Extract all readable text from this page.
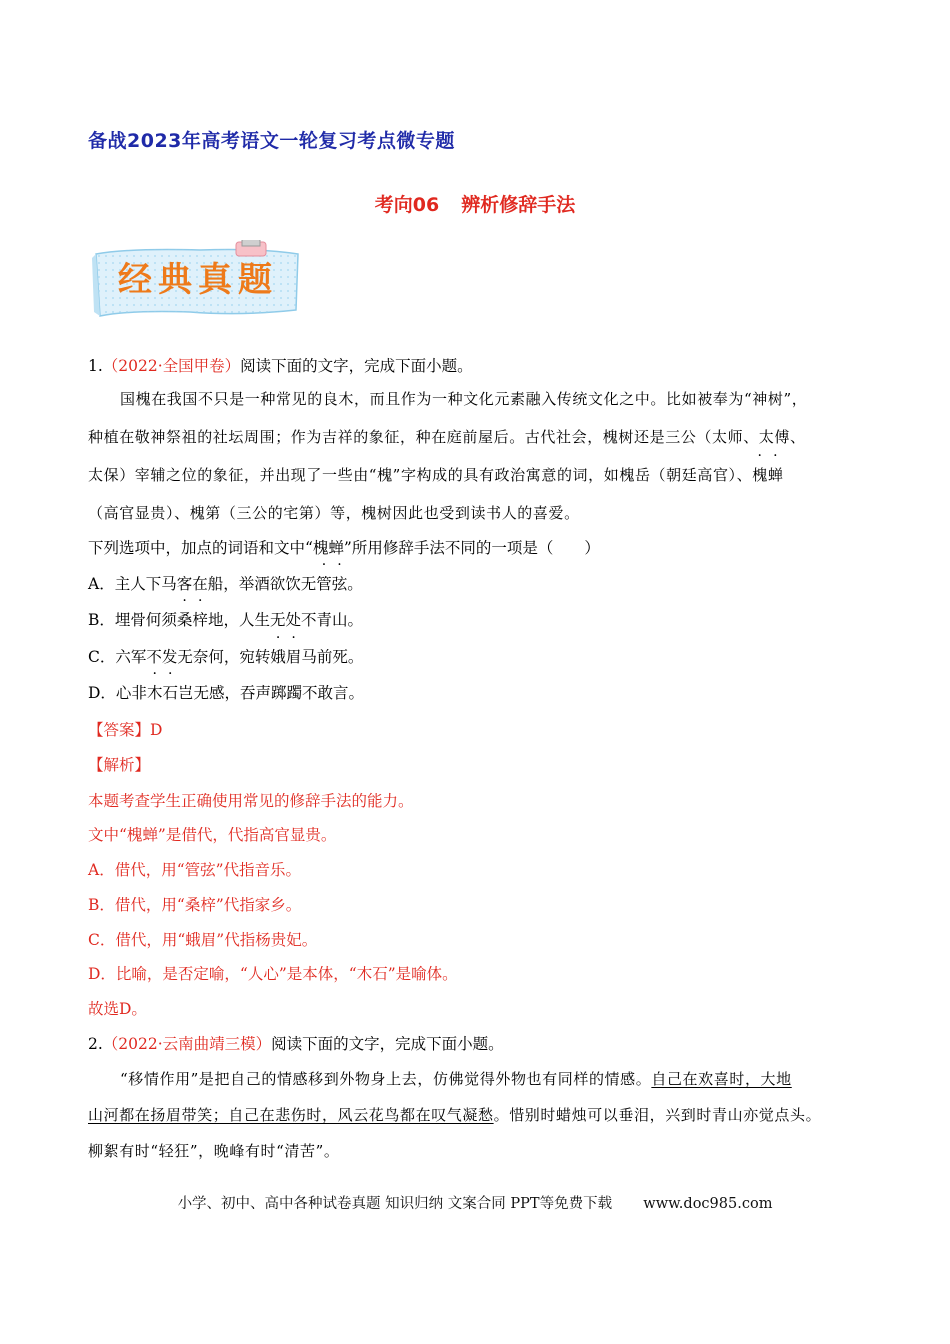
备战2023年高考语文一轮复习考点微专题
考向06 辨析修辞手法
经典真题
1.（2022·全国甲卷）阅读下面的文字，完成下面小题。
国槐在我国不只是一种常见的良木，而且作为一种文化元素融入传统文化之中。比如被奉为“神树”，
种植在敬神祭祖的社坛周围；作为吉祥的象征，种在庭前屋后。古代社会，槐树还是三公（太师、太傅、
太保）宰辅之位的象征，并出现了一些由“槐”字构成的具有政治寓意的词，如槐岳（朝廷高官）、槐蝉
（高官显贵）、槐第（三公的宅第）等，槐树因此也受到读书人的喜爱。
下列选项中，加点的词语和文中“槐蝉”所用修辞手法不同的一项是（　　）
A．主人下马客在船，举酒欲饮无管弦。
B．埋骨何须桑梓地，人生无处不青山。
C．六军不发无奈何，宛转娥眉马前死。
D．心非木石岂无感，吞声踯躅不敢言。
【答案】D
【解析】
本题考查学生正确使用常见的修辞手法的能力。
文中“槐蝉”是借代，代指高官显贵。
A．借代，用“管弦”代指音乐。
B．借代，用“桑梓”代指家乡。
C．借代，用“蛾眉”代指杨贵妃。
D．比喻，是否定喻，“人心”是本体，“木石”是喻体。
故选D。
2.（2022·云南曲靖三模）阅读下面的文字，完成下面小题。
“移情作用”是把自己的情感移到外物身上去，仿佛觉得外物也有同样的情感。自己在欢喜时，大地
山河都在扬眉带笑；自己在悲伤时，风云花鸟都在叹气凝愁。惜别时蜡烛可以垂泪，兴到时青山亦觉点头。
柳絮有时“轻狂”，晚峰有时“清苦”。
小学、初中、高中各种试卷真题 知识归纳 文案合同 PPT等免费下载 www.doc985.com
